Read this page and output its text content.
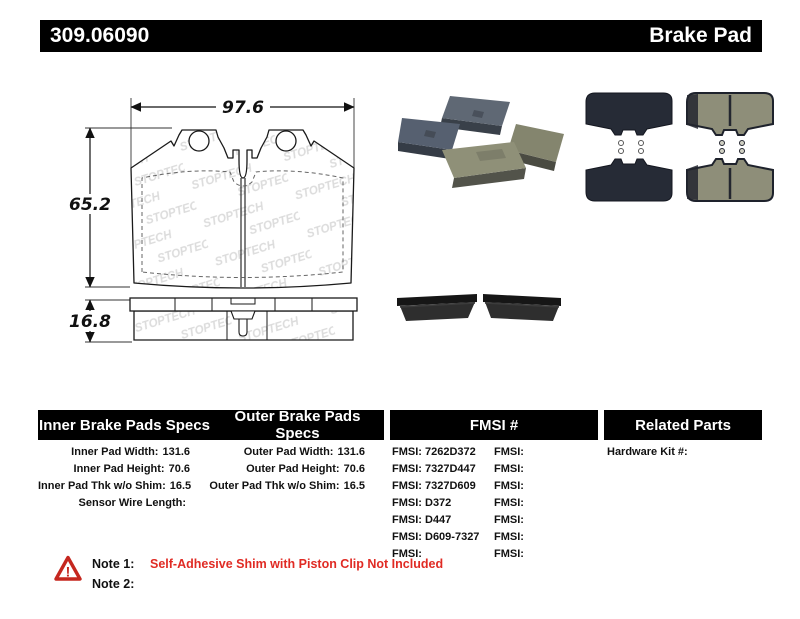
309.06090	Brake Pad
97.6
65.2
16.8
Inner Brake Pads Specs	Outer Brake Pads Specs	FMSI #	Related Parts
Inner Pad Width: 131.6
Inner Pad Height: 70.6
Inner Pad Thk w/o Shim: 16.5
Sensor Wire Length:
Outer Pad Width: 131.6
Outer Pad Height: 70.6
Outer Pad Thk w/o Shim: 16.5
FMSI: 7262D372
FMSI: 7327D447
FMSI: 7327D609
FMSI: D372
FMSI: D447
FMSI: D609-7327
FMSI:
FMSI:
FMSI:
FMSI:
FMSI:
FMSI:
FMSI:
FMSI:
Hardware Kit #:
! Note 1:	Self-Adhesive Shim with Piston Clip Not Included
Note 2:
